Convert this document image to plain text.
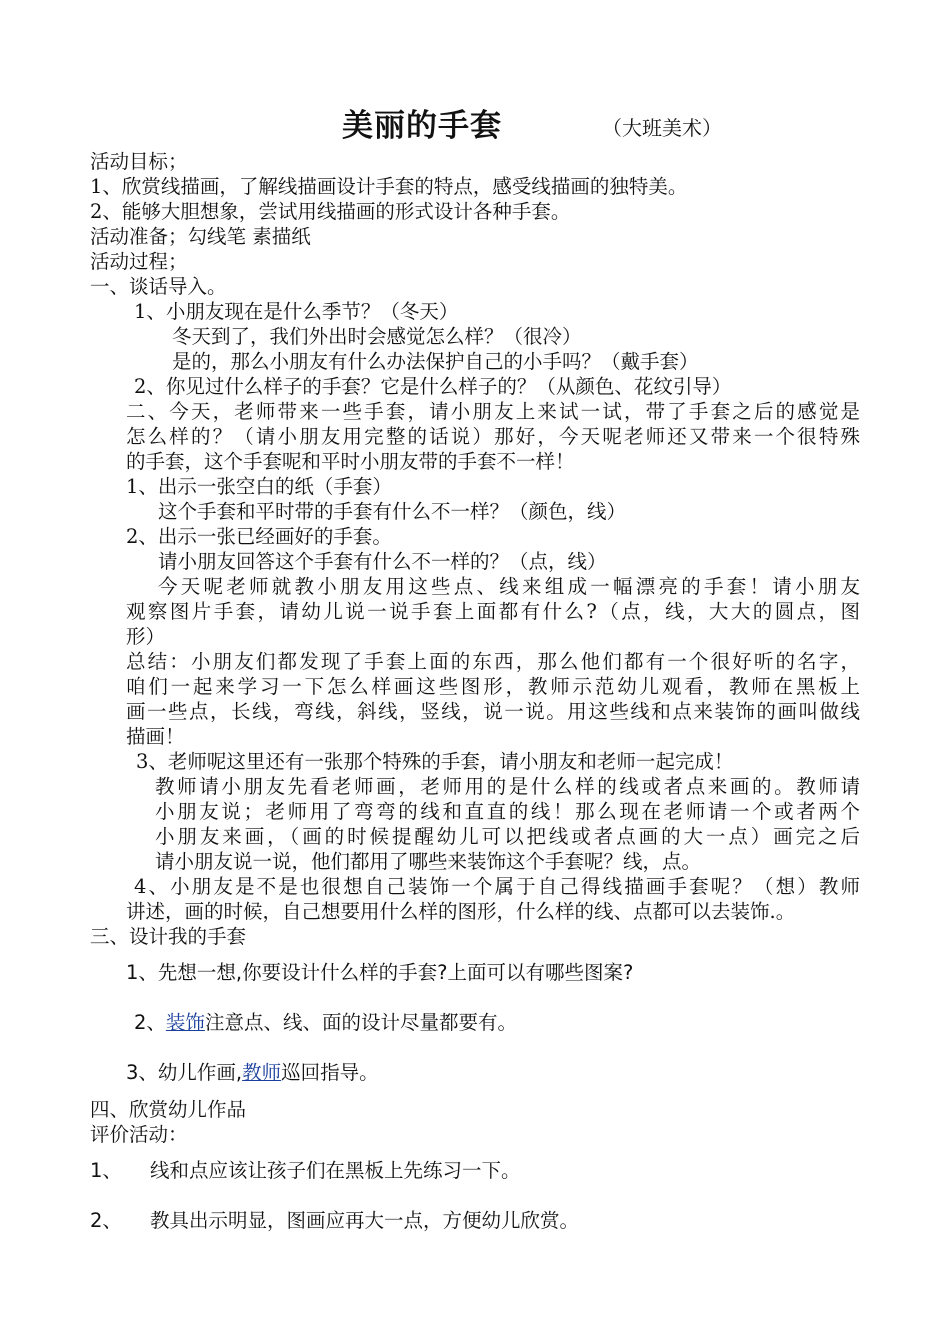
美丽的手套	（大班美术）
活动目标；
1、欣赏线描画，了解线描画设计手套的特点，感受线描画的独特美。
2、能够大胆想象，尝试用线描画的形式设计各种手套。
活动准备；勾线笔 素描纸
活动过程；
一、谈话导入。
1、小朋友现在是什么季节？（冬天）
冬天到了，我们外出时会感觉怎么样？（很冷）
是的，那么小朋友有什么办法保护自己的小手吗？（戴手套）
2、你见过什么样子的手套？它是什么样子的？（从颜色、花纹引导）
二、今天，老师带来一些手套，请小朋友上来试一试，带了手套之后的感觉是
怎么样的？（请小朋友用完整的话说）那好，今天呢老师还又带来一个很特殊
的手套，这个手套呢和平时小朋友带的手套不一样！
1、出示一张空白的纸（手套）
这个手套和平时带的手套有什么不一样？（颜色，线）
2、出示一张已经画好的手套。
请小朋友回答这个手套有什么不一样的？（点，线）
今天呢老师就教小朋友用这些点、线来组成一幅漂亮的手套！请小朋友
观察图片手套，请幼儿说一说手套上面都有什么?（点，线，大大的圆点，图
形）
总结：小朋友们都发现了手套上面的东西，那么他们都有一个很好听的名字，
咱们一起来学习一下怎么样画这些图形，教师示范幼儿观看，教师在黑板上
画一些点，长线，弯线，斜线，竖线，说一说。用这些线和点来装饰的画叫做线
描画！
3、老师呢这里还有一张那个特殊的手套，请小朋友和老师一起完成！
教师请小朋友先看老师画，老师用的是什么样的线或者点来画的。教师请
小朋友说；老师用了弯弯的线和直直的线！那么现在老师请一个或者两个
小朋友来画，（画的时候提醒幼儿可以把线或者点画的大一点）画完之后
请小朋友说一说，他们都用了哪些来装饰这个手套呢？线，点。
4、小朋友是不是也很想自己装饰一个属于自己得线描画手套呢？（想）教师
讲述，画的时候，自己想要用什么样的图形，什么样的线、点都可以去装饰.。
三、设计我的手套
1、先想一想,你要设计什么样的手套?上面可以有哪些图案?
2、装饰注意点、线、面的设计尽量都要有。
3、幼儿作画,教师巡回指导。
四、欣赏幼儿作品
评价活动：
1、 线和点应该让孩子们在黑板上先练习一下。
2、 教具出示明显，图画应再大一点，方便幼儿欣赏。
